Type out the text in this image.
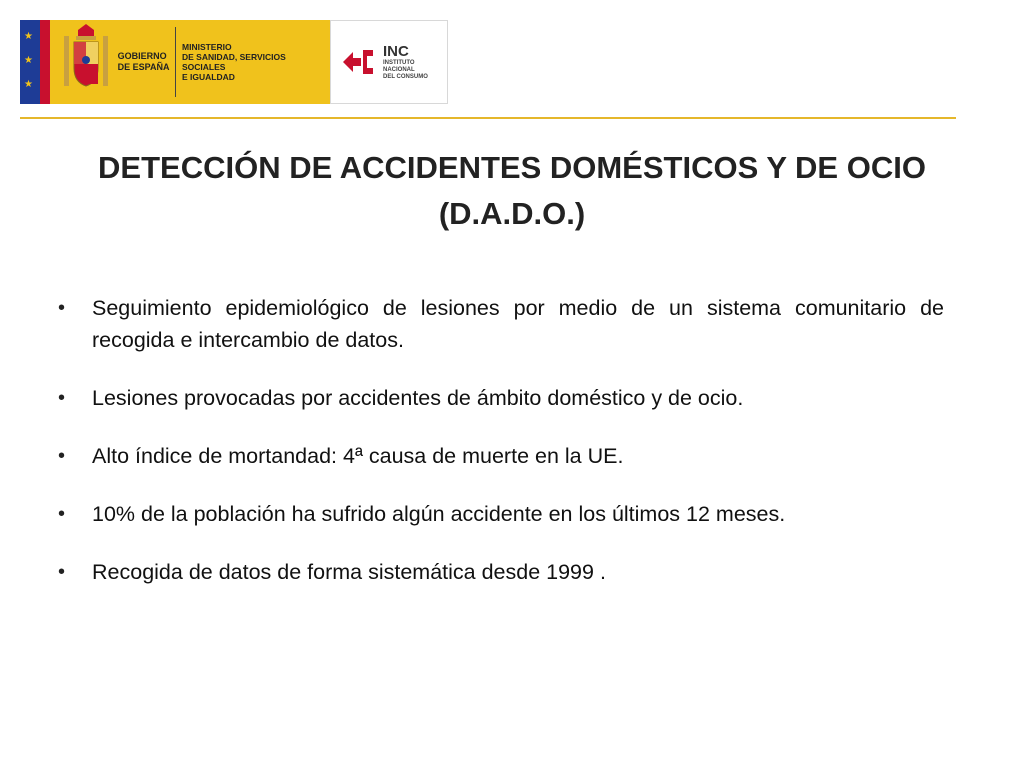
★
★
★
GOBIERNO
DE ESPAÑA
MINISTERIO
DE SANIDAD, SERVICIOS SOCIALES
E IGUALDAD
INC
INSTITUTO
NACIONAL
DEL CONSUMO
DETECCIÓN DE ACCIDENTES DOMÉSTICOS Y DE OCIO
(D.A.D.O.)
•	Seguimiento epidemiológico de lesiones por medio de un sistema comunitario de recogida e intercambio de datos.
•	Lesiones provocadas por accidentes de ámbito doméstico y de ocio.
•	Alto índice de mortandad: 4ª causa de muerte en la UE.
•	10% de la población ha sufrido algún accidente en los últimos 12 meses.
•	Recogida de datos de forma sistemática desde 1999 .
